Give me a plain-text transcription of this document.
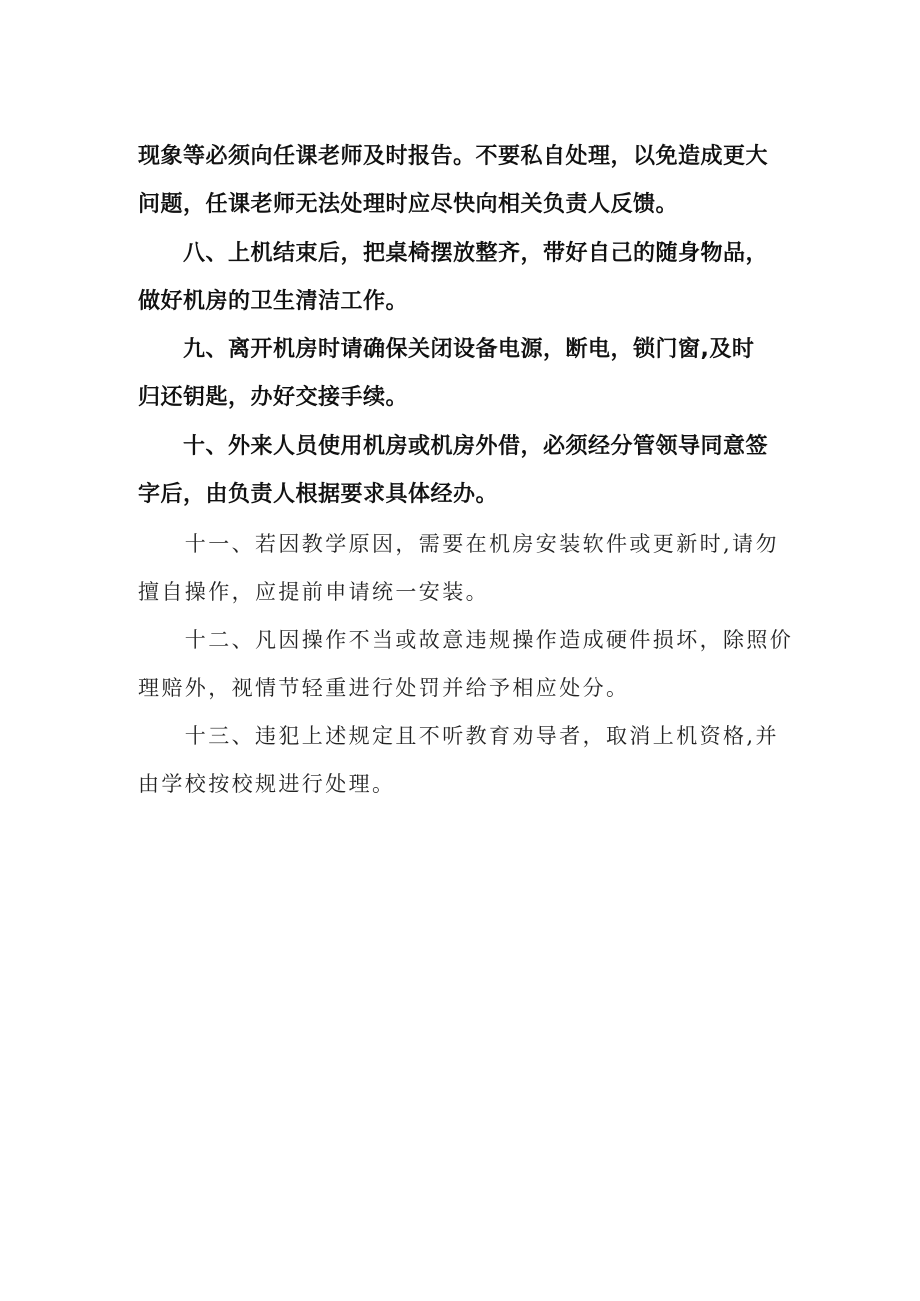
现象等必须向任课老师及时报告。不要私自处理，以免造成更大
问题，任课老师无法处理时应尽快向相关负责人反馈。

　　八、上机结束后，把桌椅摆放整齐，带好自己的随身物品，
做好机房的卫生清洁工作。

　　九、离开机房时请确保关闭设备电源，断电，锁门窗,及时
归还钥匙，办好交接手续。

　　十、外来人员使用机房或机房外借，必须经分管领导同意签
字后，由负责人根据要求具体经办。

　　十一、若因教学原因，需要在机房安装软件或更新时,请勿
擅自操作，应提前申请统一安装。

　　十二、凡因操作不当或故意违规操作造成硬件损坏，除照价
理赔外，视情节轻重进行处罚并给予相应处分。

　　十三、违犯上述规定且不听教育劝导者，取消上机资格,并
由学校按校规进行处理。
